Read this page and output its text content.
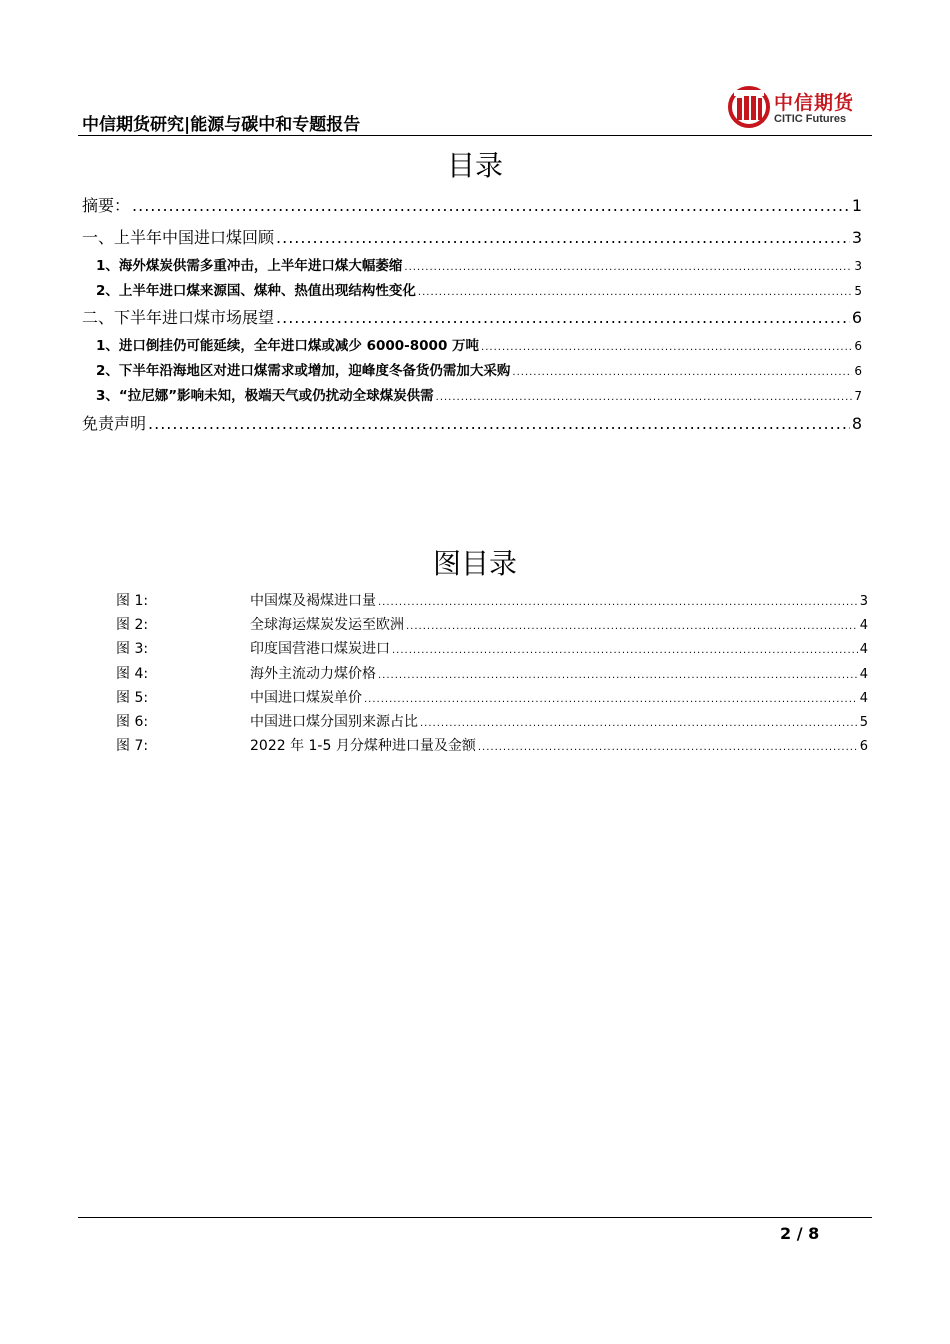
中信期货研究|能源与碳中和专题报告
中信期货
CITIC Futures
目录
摘要： .....	1
一、上半年中国进口煤回顾 .....	3
1、海外煤炭供需多重冲击，上半年进口煤大幅萎缩 .....	3
2、上半年进口煤来源国、煤种、热值出现结构性变化 .....	5
二、下半年进口煤市场展望 .....	6
1、进口倒挂仍可能延续，全年进口煤或减少 6000-8000 万吨 .....	6
2、下半年沿海地区对进口煤需求或增加，迎峰度冬备货仍需加大采购 .....	6
3、“拉尼娜”影响未知，极端天气或仍扰动全球煤炭供需 .....	7
免责声明 .....	8
图目录
图 1:	中国煤及褐煤进口量 .....	3
图 2:	全球海运煤炭发运至欧洲 .....	4
图 3:	印度国营港口煤炭进口 .....	4
图 4:	海外主流动力煤价格 .....	4
图 5:	中国进口煤炭单价 .....	4
图 6:	中国进口煤分国别来源占比 .....	5
图 7:	2022 年 1-5 月分煤种进口量及金额 .....	6
2 / 8
